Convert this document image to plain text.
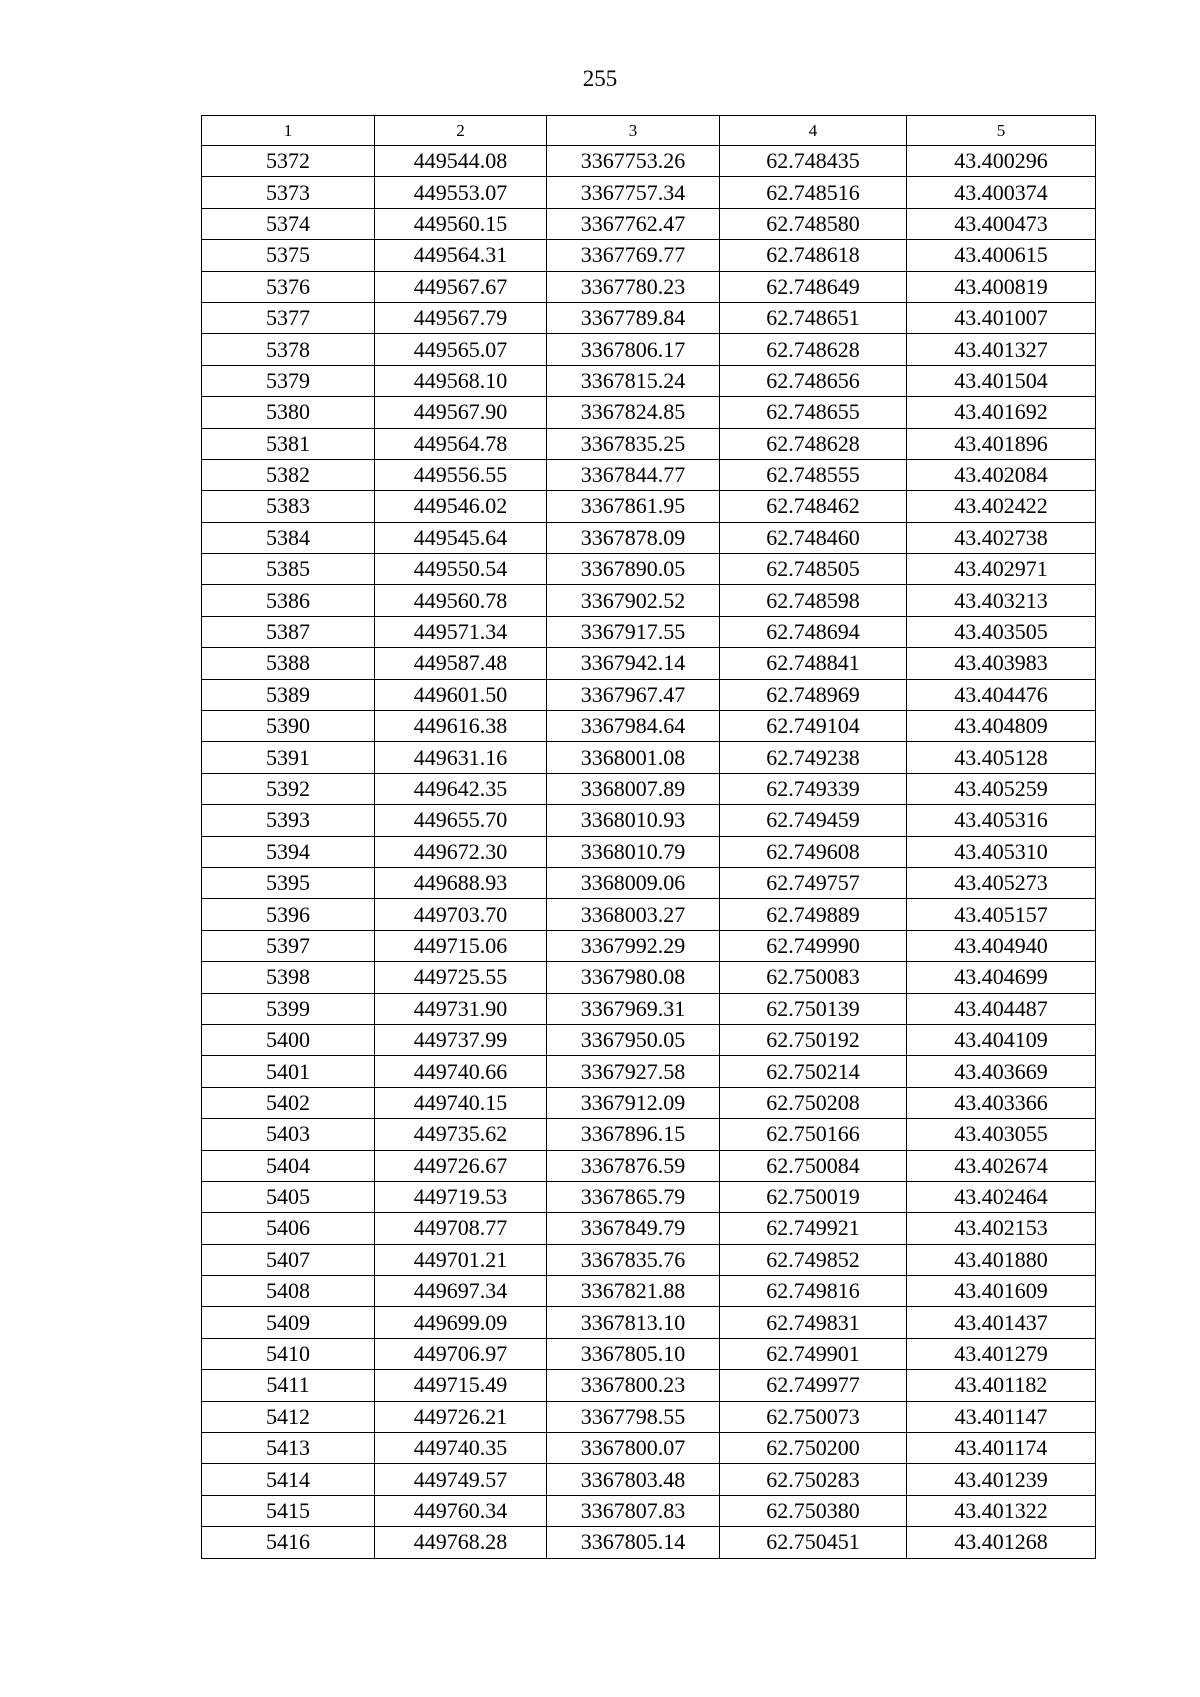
255
1	2	3	4	5
5372	449544.08	3367753.26	62.748435	43.400296
5373	449553.07	3367757.34	62.748516	43.400374
5374	449560.15	3367762.47	62.748580	43.400473
5375	449564.31	3367769.77	62.748618	43.400615
5376	449567.67	3367780.23	62.748649	43.400819
5377	449567.79	3367789.84	62.748651	43.401007
5378	449565.07	3367806.17	62.748628	43.401327
5379	449568.10	3367815.24	62.748656	43.401504
5380	449567.90	3367824.85	62.748655	43.401692
5381	449564.78	3367835.25	62.748628	43.401896
5382	449556.55	3367844.77	62.748555	43.402084
5383	449546.02	3367861.95	62.748462	43.402422
5384	449545.64	3367878.09	62.748460	43.402738
5385	449550.54	3367890.05	62.748505	43.402971
5386	449560.78	3367902.52	62.748598	43.403213
5387	449571.34	3367917.55	62.748694	43.403505
5388	449587.48	3367942.14	62.748841	43.403983
5389	449601.50	3367967.47	62.748969	43.404476
5390	449616.38	3367984.64	62.749104	43.404809
5391	449631.16	3368001.08	62.749238	43.405128
5392	449642.35	3368007.89	62.749339	43.405259
5393	449655.70	3368010.93	62.749459	43.405316
5394	449672.30	3368010.79	62.749608	43.405310
5395	449688.93	3368009.06	62.749757	43.405273
5396	449703.70	3368003.27	62.749889	43.405157
5397	449715.06	3367992.29	62.749990	43.404940
5398	449725.55	3367980.08	62.750083	43.404699
5399	449731.90	3367969.31	62.750139	43.404487
5400	449737.99	3367950.05	62.750192	43.404109
5401	449740.66	3367927.58	62.750214	43.403669
5402	449740.15	3367912.09	62.750208	43.403366
5403	449735.62	3367896.15	62.750166	43.403055
5404	449726.67	3367876.59	62.750084	43.402674
5405	449719.53	3367865.79	62.750019	43.402464
5406	449708.77	3367849.79	62.749921	43.402153
5407	449701.21	3367835.76	62.749852	43.401880
5408	449697.34	3367821.88	62.749816	43.401609
5409	449699.09	3367813.10	62.749831	43.401437
5410	449706.97	3367805.10	62.749901	43.401279
5411	449715.49	3367800.23	62.749977	43.401182
5412	449726.21	3367798.55	62.750073	43.401147
5413	449740.35	3367800.07	62.750200	43.401174
5414	449749.57	3367803.48	62.750283	43.401239
5415	449760.34	3367807.83	62.750380	43.401322
5416	449768.28	3367805.14	62.750451	43.401268
